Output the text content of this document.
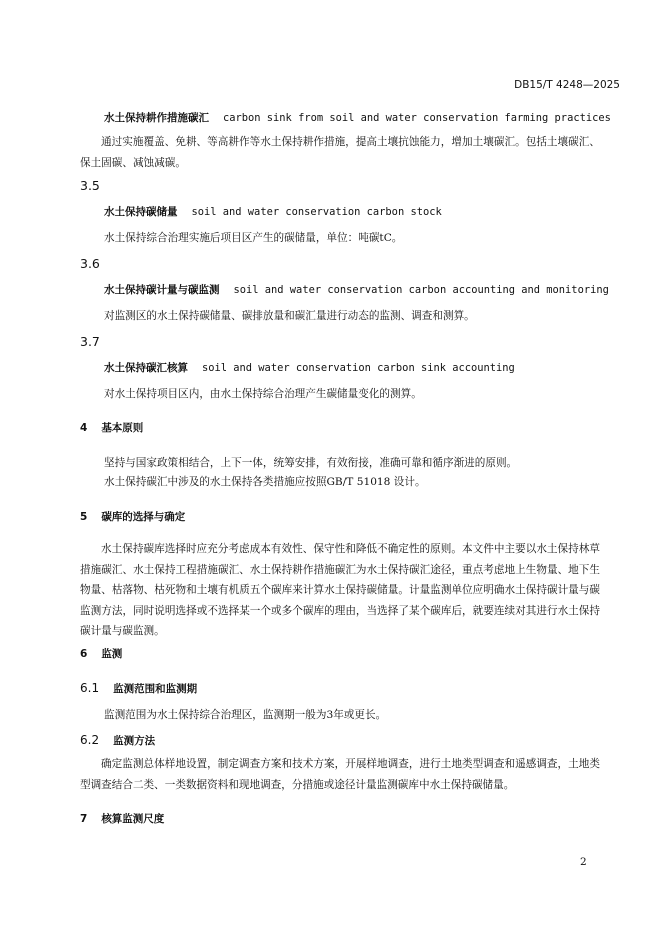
DB15/T 4248—2025
水土保持耕作措施碳汇 carbon sink from soil and water conservation farming practices
通过实施覆盖、免耕、等高耕作等水土保持耕作措施，提高土壤抗蚀能力，增加土壤碳汇。包括土壤碳汇、保土固碳、减蚀减碳。
3.5
水土保持碳储量 soil and water conservation carbon stock
水土保持综合治理实施后项目区产生的碳储量，单位：吨碳tC。
3.6
水土保持碳计量与碳监测 soil and water conservation carbon accounting and monitoring
对监测区的水土保持碳储量、碳排放量和碳汇量进行动态的监测、调查和测算。
3.7
水土保持碳汇核算 soil and water conservation carbon sink accounting
对水土保持项目区内，由水土保持综合治理产生碳储量变化的测算。
4 基本原则
坚持与国家政策相结合，上下一体，统筹安排，有效衔接，准确可靠和循序渐进的原则。
水土保持碳汇中涉及的水土保持各类措施应按照GB/T 51018 设计。
5 碳库的选择与确定
水土保持碳库选择时应充分考虑成本有效性、保守性和降低不确定性的原则。本文件中主要以水土保持林草措施碳汇、水土保持工程措施碳汇、水土保持耕作措施碳汇为水土保持碳汇途径，重点考虑地上生物量、地下生物量、枯落物、枯死物和土壤有机质五个碳库来计算水土保持碳储量。计量监测单位应明确水土保持碳计量与碳监测方法，同时说明选择或不选择某一个或多个碳库的理由，当选择了某个碳库后，就要连续对其进行水土保持碳计量与碳监测。
6 监测
6.1 监测范围和监测期
监测范围为水土保持综合治理区，监测期一般为3年或更长。
6.2 监测方法
确定监测总体样地设置，制定调查方案和技术方案，开展样地调查，进行土地类型调查和遥感调查，土地类型调查结合二类、一类数据资料和现地调查，分措施或途径计量监测碳库中水土保持碳储量。
7 核算监测尺度
2
